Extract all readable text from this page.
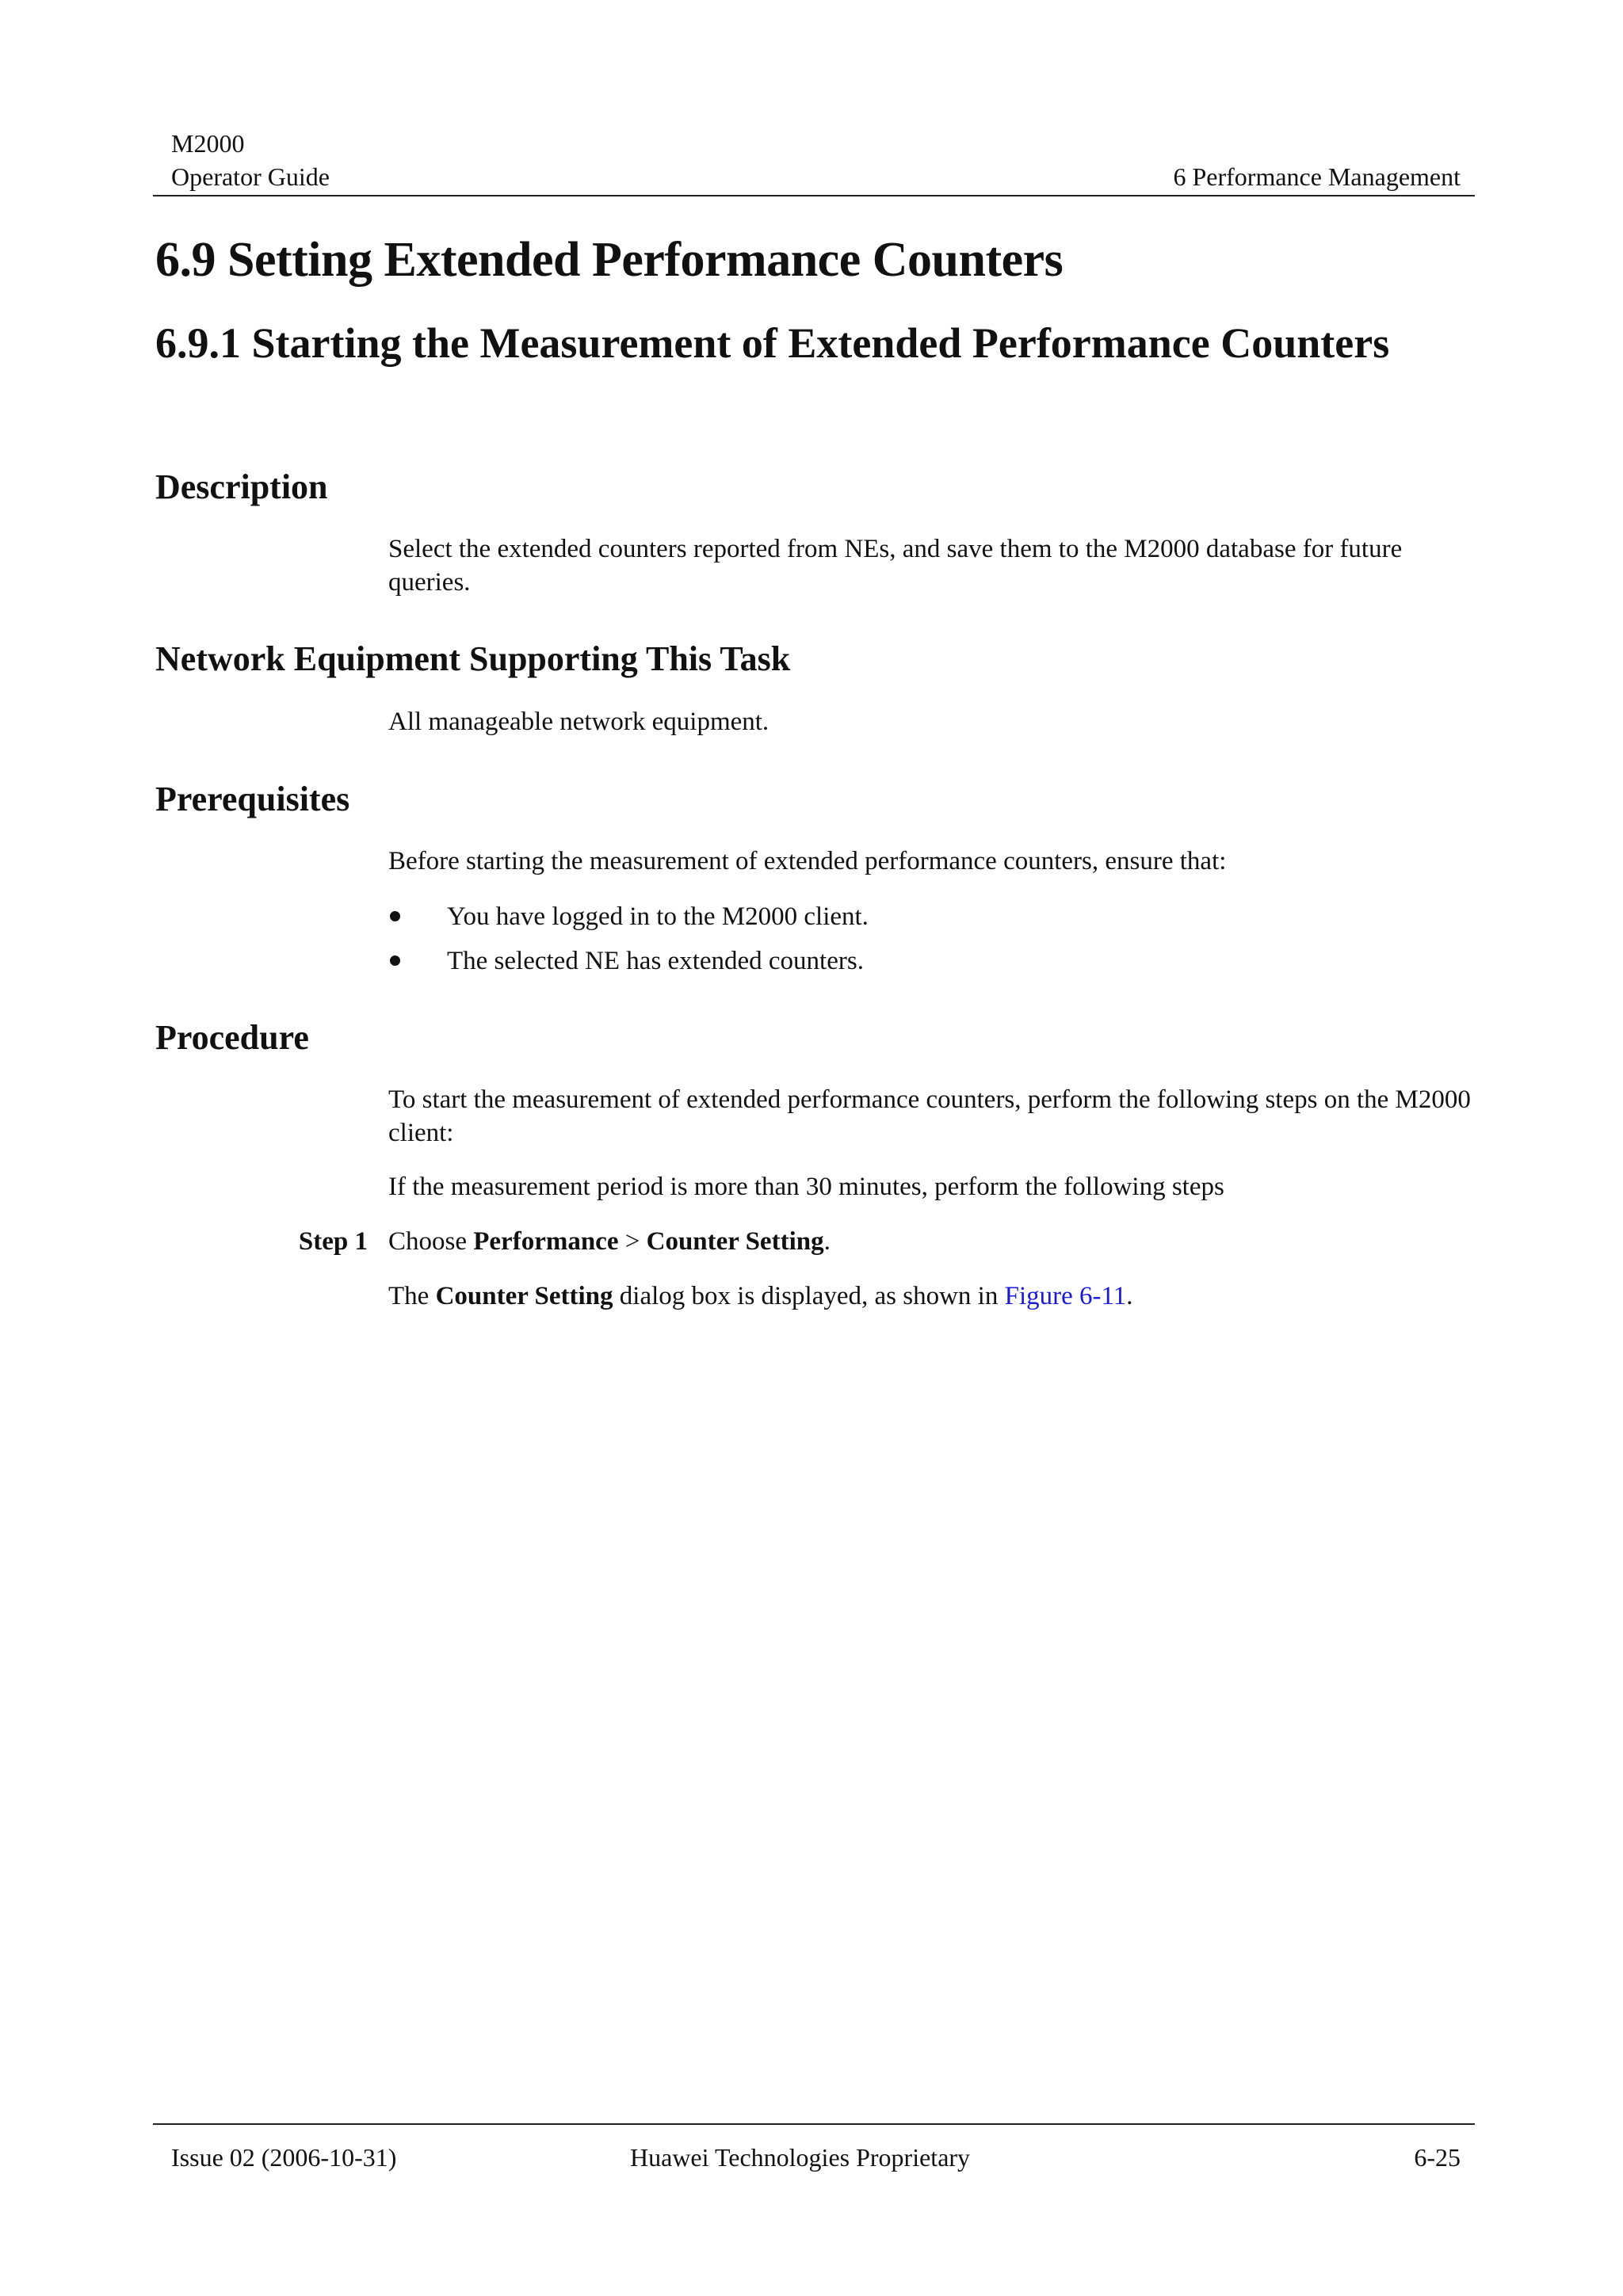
M2000
Operator Guide	6 Performance Management
6.9 Setting Extended Performance Counters
6.9.1 Starting the Measurement of Extended Performance Counters
Description

Select the extended counters reported from NEs, and save them to the M2000 database for future queries.

Network Equipment Supporting This Task

All manageable network equipment.

Prerequisites

Before starting the measurement of extended performance counters, ensure that:

You have logged in to the M2000 client.
The selected NE has extended counters.
Procedure

To start the measurement of extended performance counters, perform the following steps on the M2000 client:

If the measurement period is more than 30 minutes, perform the following steps

Step 1 Choose Performance > Counter Setting.

The Counter Setting dialog box is displayed, as shown in Figure 6-11.

Issue 02 (2006-10-31)	Huawei Technologies Proprietary	6-25
